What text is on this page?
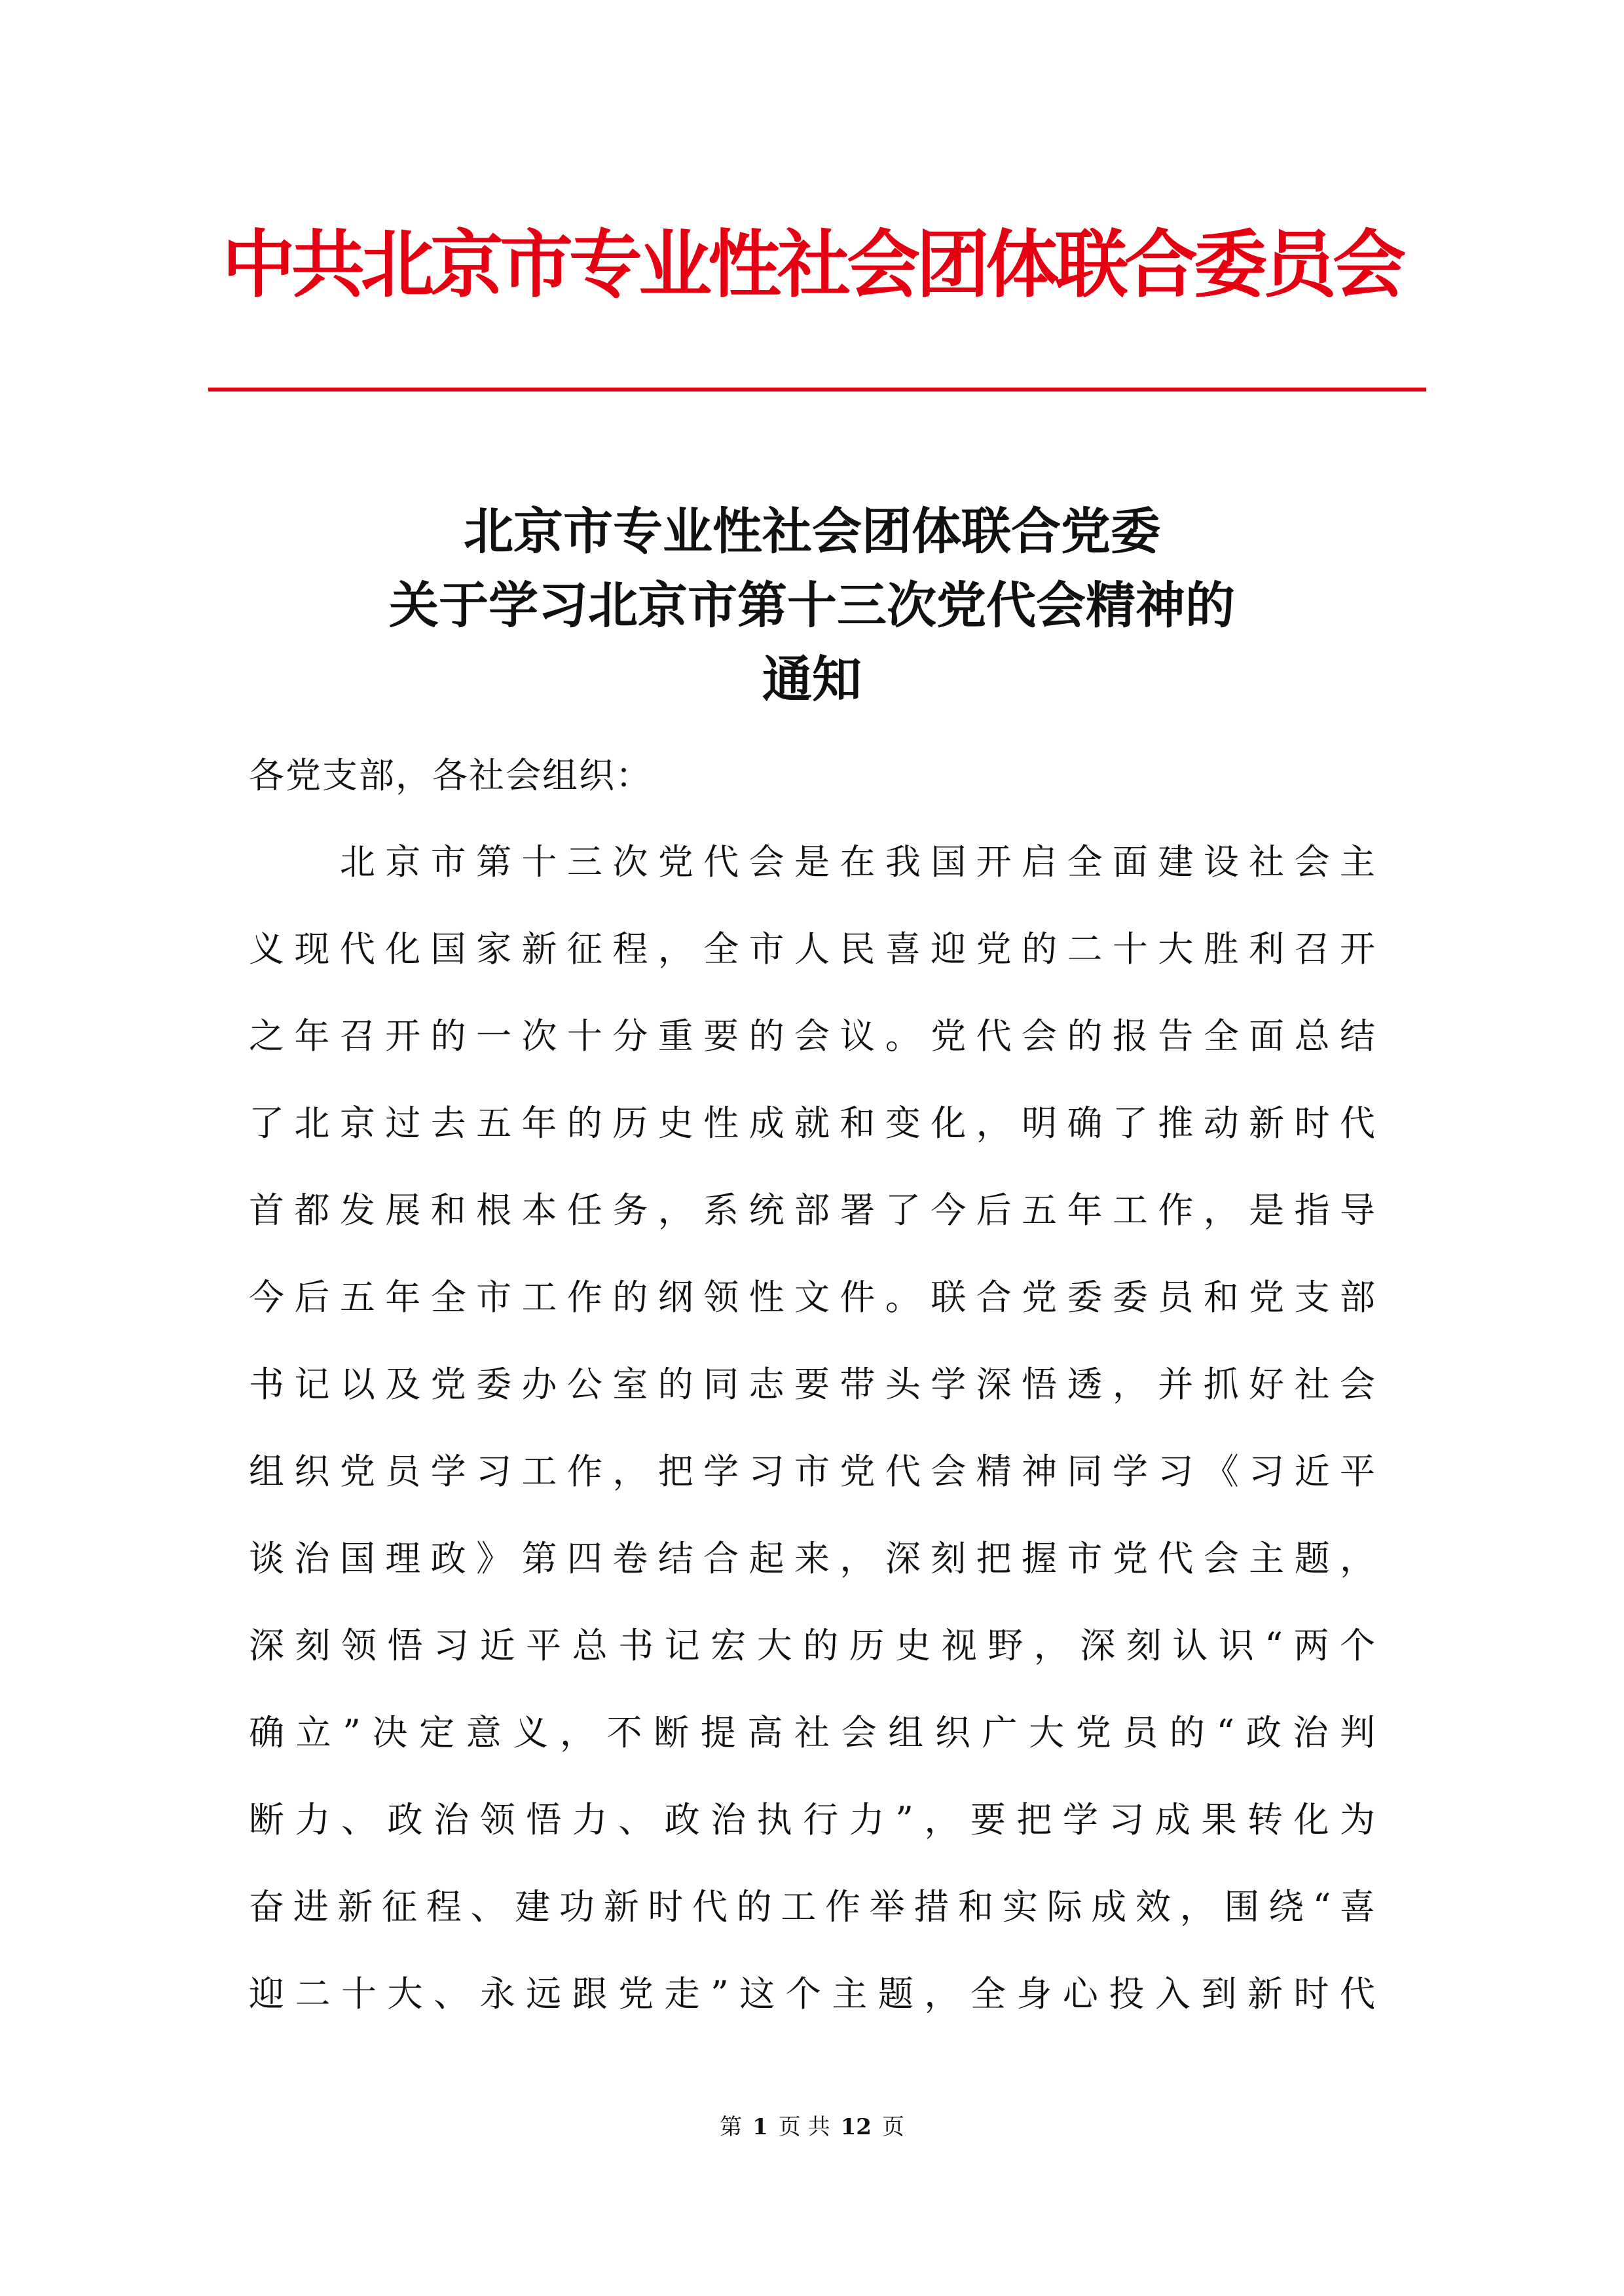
中共北京市专业性社会团体联合委员会
北京市专业性社会团体联合党委
关于学习北京市第十三次党代会精神的
通知
各党支部，各社会组织：
　　北京市第十三次党代会是在我国开启全面建设社会主
义现代化国家新征程，全市人民喜迎党的二十大胜利召开
之年召开的一次十分重要的会议。党代会的报告全面总结
了北京过去五年的历史性成就和变化，明确了推动新时代
首都发展和根本任务，系统部署了今后五年工作，是指导
今后五年全市工作的纲领性文件。联合党委委员和党支部
书记以及党委办公室的同志要带头学深悟透，并抓好社会
组织党员学习工作，把学习市党代会精神同学习《习近平
谈治国理政》第四卷结合起来，深刻把握市党代会主题，
深刻领悟习近平总书记宏大的历史视野，深刻认识“两个
确立”决定意义，不断提高社会组织广大党员的“政治判
断力、政治领悟力、政治执行力”，要把学习成果转化为
奋进新征程、建功新时代的工作举措和实际成效，围绕“喜
迎二十大、永远跟党走”这个主题，全身心投入到新时代
第 1 页 共 12 页
